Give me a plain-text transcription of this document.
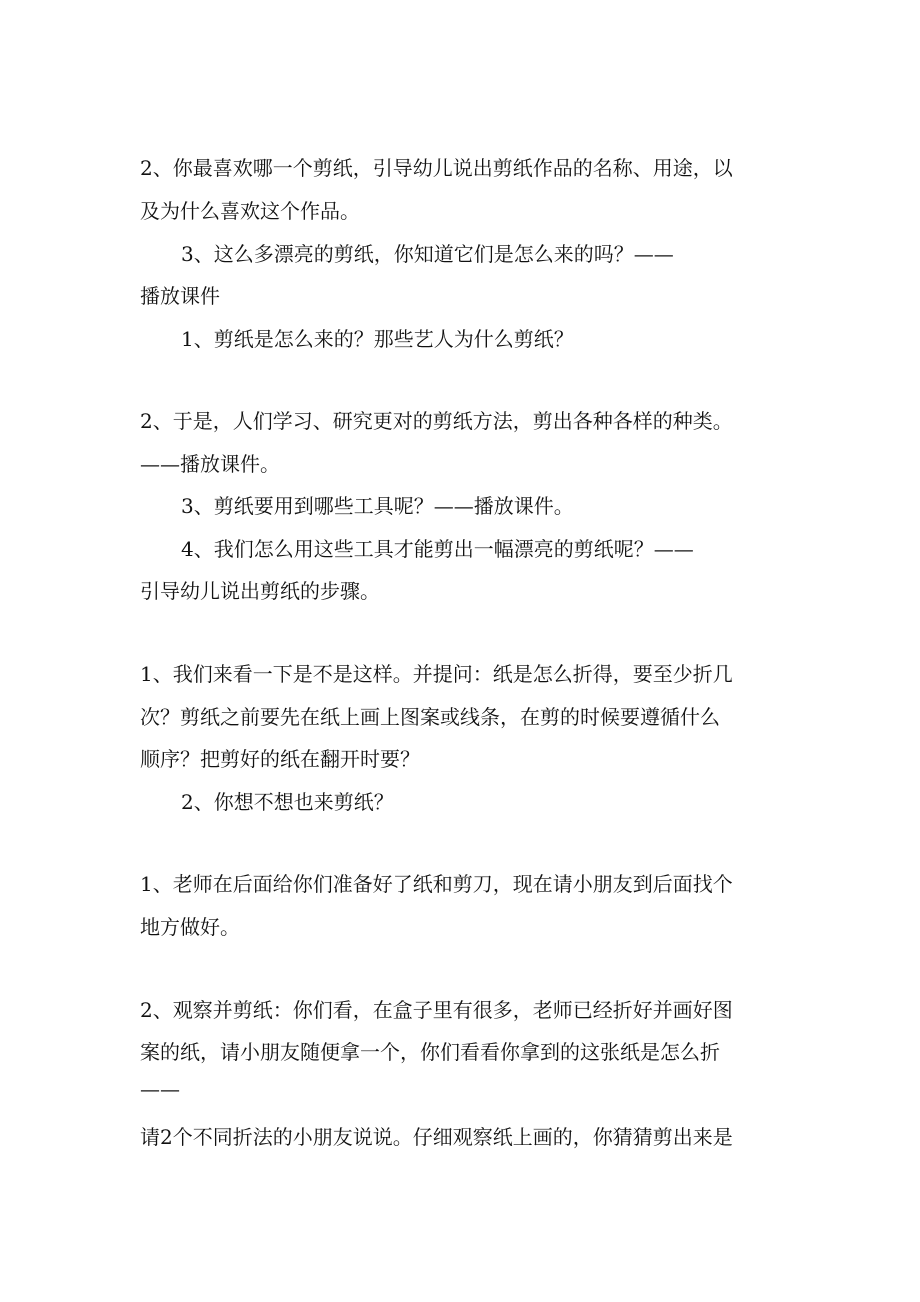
2、你最喜欢哪一个剪纸，引导幼儿说出剪纸作品的名称、用途，以
及为什么喜欢这个作品。
3、这么多漂亮的剪纸，你知道它们是怎么来的吗？——
播放课件
1、剪纸是怎么来的？那些艺人为什么剪纸？
2、于是，人们学习、研究更对的剪纸方法，剪出各种各样的种类。
——播放课件。
3、剪纸要用到哪些工具呢？——播放课件。
4、我们怎么用这些工具才能剪出一幅漂亮的剪纸呢？——
引导幼儿说出剪纸的步骤。
1、我们来看一下是不是这样。并提问：纸是怎么折得，要至少折几
次？剪纸之前要先在纸上画上图案或线条，在剪的时候要遵循什么
顺序？把剪好的纸在翻开时要？
2、你想不想也来剪纸？
1、老师在后面给你们准备好了纸和剪刀，现在请小朋友到后面找个
地方做好。
2、观察并剪纸：你们看，在盒子里有很多，老师已经折好并画好图
案的纸，请小朋友随便拿一个，你们看看你拿到的这张纸是怎么折
——
请2个不同折法的小朋友说说。仔细观察纸上画的，你猜猜剪出来是
